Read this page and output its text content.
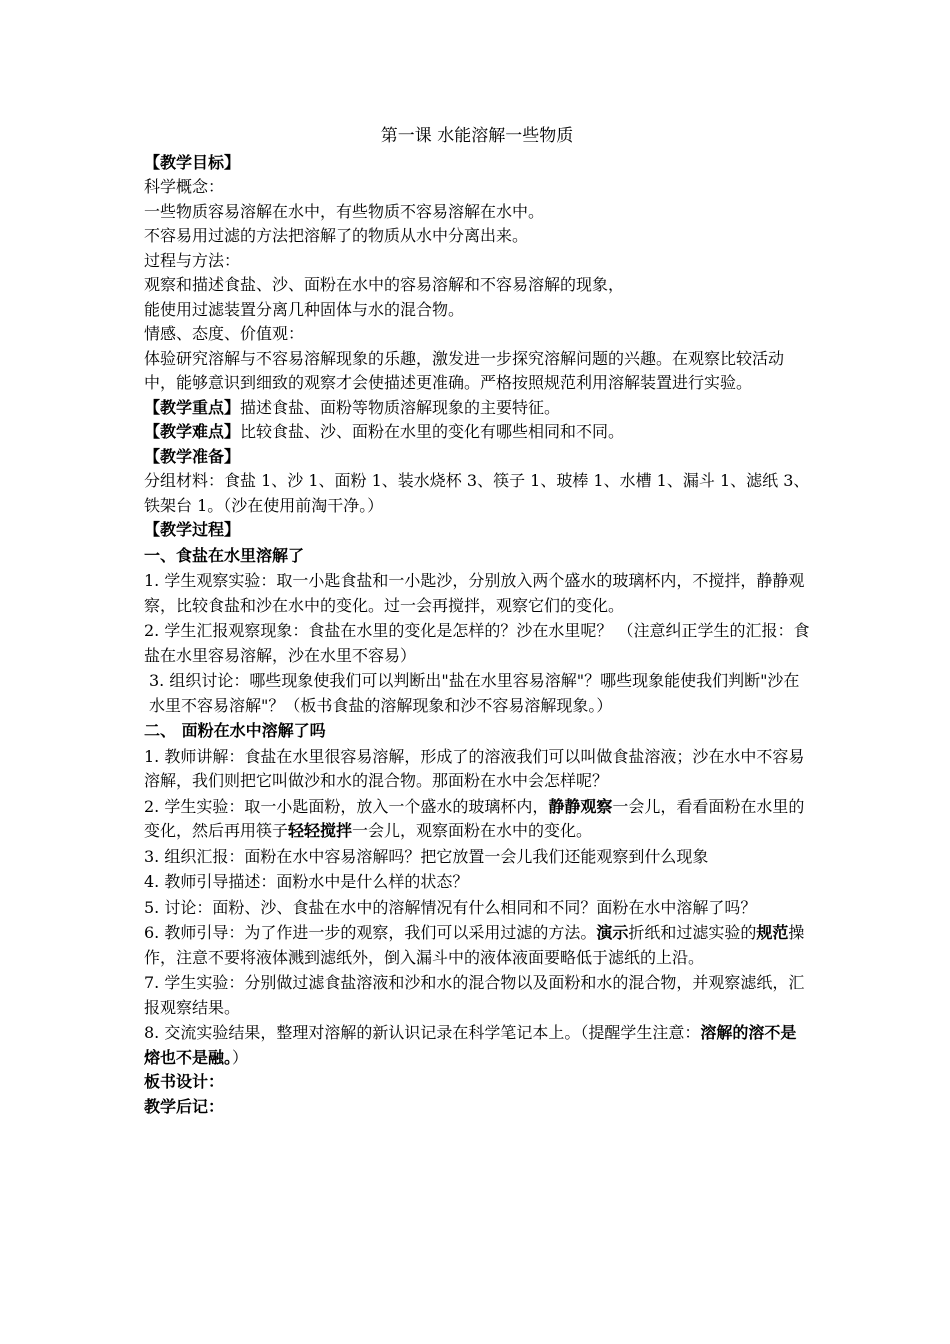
第一课 水能溶解一些物质

【教学目标】

科学概念：

一些物质容易溶解在水中，有些物质不容易溶解在水中。

不容易用过滤的方法把溶解了的物质从水中分离出来。

过程与方法：

观察和描述食盐、沙、面粉在水中的容易溶解和不容易溶解的现象，

能使用过滤装置分离几种固体与水的混合物。

情感、态度、价值观：

体验研究溶解与不容易溶解现象的乐趣，激发进一步探究溶解问题的兴趣。在观察比较活动中，能够意识到细致的观察才会使描述更准确。严格按照规范利用溶解装置进行实验。

【教学重点】描述食盐、面粉等物质溶解现象的主要特征。

【教学难点】比较食盐、沙、面粉在水里的变化有哪些相同和不同。

【教学准备】

分组材料：食盐 1、沙 1、面粉 1、装水烧杯 3、筷子 1、玻棒 1、水槽 1、漏斗 1、滤纸 3、铁架台 1。（沙在使用前淘干净。）

【教学过程】

一、食盐在水里溶解了

1. 学生观察实验：取一小匙食盐和一小匙沙，分别放入两个盛水的玻璃杯内，不搅拌，静静观察，比较食盐和沙在水中的变化。过一会再搅拌，观察它们的变化。

2. 学生汇报观察现象：食盐在水里的变化是怎样的？沙在水里呢？ （注意纠正学生的汇报：食盐在水里容易溶解，沙在水里不容易）

3. 组织讨论：哪些现象使我们可以判断出"盐在水里容易溶解"？哪些现象能使我们判断"沙在水里不容易溶解"？（板书食盐的溶解现象和沙不容易溶解现象。）

二、 面粉在水中溶解了吗

1. 教师讲解：食盐在水里很容易溶解，形成了的溶液我们可以叫做食盐溶液；沙在水中不容易溶解，我们则把它叫做沙和水的混合物。那面粉在水中会怎样呢？

2. 学生实验：取一小匙面粉，放入一个盛水的玻璃杯内，静静观察一会儿，看看面粉在水里的变化，然后再用筷子轻轻搅拌一会儿，观察面粉在水中的变化。

3. 组织汇报：面粉在水中容易溶解吗？把它放置一会儿我们还能观察到什么现象

4. 教师引导描述：面粉水中是什么样的状态？

5. 讨论：面粉、沙、食盐在水中的溶解情况有什么相同和不同？面粉在水中溶解了吗？

6. 教师引导：为了作进一步的观察，我们可以采用过滤的方法。演示折纸和过滤实验的规范操作，注意不要将液体溅到滤纸外，倒入漏斗中的液体液面要略低于滤纸的上沿。

7. 学生实验：分别做过滤食盐溶液和沙和水的混合物以及面粉和水的混合物，并观察滤纸，汇报观察结果。

8. 交流实验结果，整理对溶解的新认识记录在科学笔记本上。（提醒学生注意：溶解的溶不是熔也不是融。）

板书设计：

教学后记：
